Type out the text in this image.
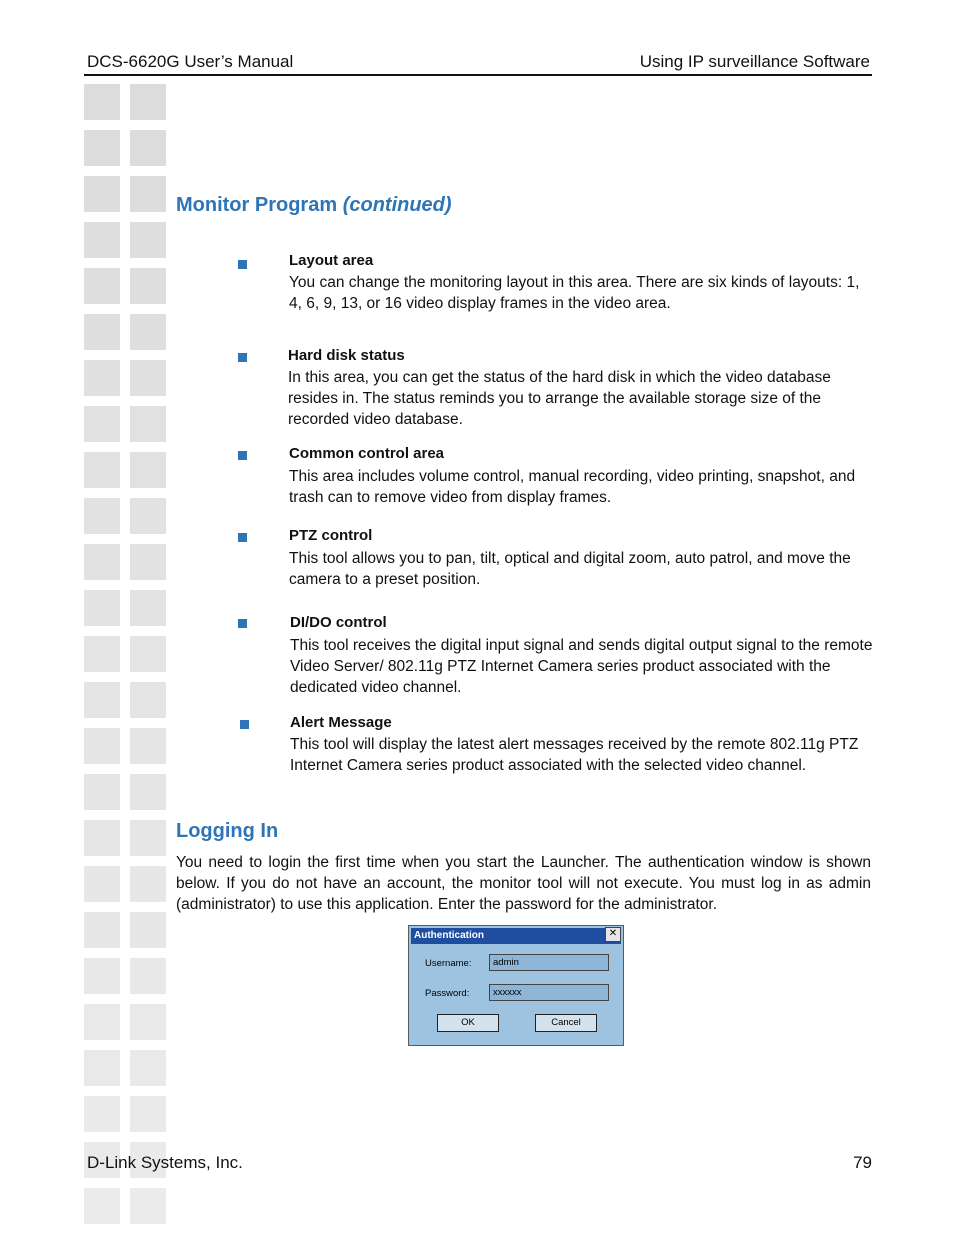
DCS-6620G User’s Manual	Using IP surveillance Software
Monitor Program (continued)
Layout area
You can change the monitoring layout in this area. There are six kinds of layouts: 1, 4, 6, 9, 13, or 16 video display frames in the video area.
Hard disk status
In this area, you can get the status of the hard disk in which the video database resides in. The status reminds you to arrange the available storage size of the recorded video database.
Common control area
This area includes volume control, manual recording, video printing, snapshot, and trash can to remove video from display frames.
PTZ control
This tool allows you to pan, tilt, optical and digital zoom, auto patrol, and move the camera to a preset position.
DI/DO control
This tool receives the digital input signal and sends digital output signal to the remote Video Server/ 802.11g PTZ Internet Camera series product associated with the dedicated video channel.
Alert Message
This tool will display the latest alert messages received by the remote 802.11g PTZ Internet Camera series product associated with the selected video channel.
Logging In
You need to login the first time when you start the Launcher. The authentication window is shown below. If you do not have an account, the monitor tool will not execute. You must log in as admin (administrator) to use this application. Enter the password for the administrator.
Authentication	✕
Username:	admin
Password:	xxxxxx
OK	Cancel
D-Link Systems, Inc.	79
